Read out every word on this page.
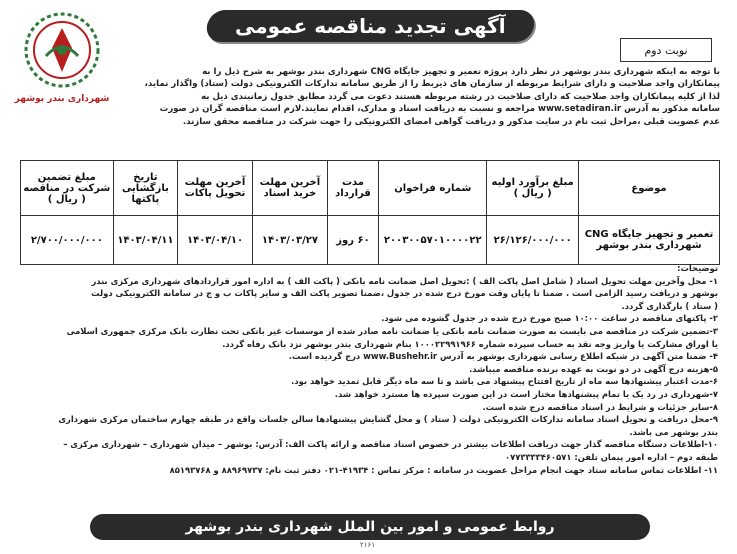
شهرداری بندر بوشهر
آگهی تجدید مناقصه عمومی
نوبت دوم

با توجه به اینکه شهرداری بندر بوشهر در نظر دارد پروژه تعمیر و تجهیز جایگاه CNG شهرداری بندر بوشهر به شرح ذیل را به

پیمانکاران واجد صلاحیت و دارای شرایط مربوطه از سازمان های ذیربط را از طریق سامانه تدارکات الکترونیکی دولت (ستاد) واگذار نماید،

لذا از کلیه پیمانکاران واجد صلاحیت که دارای صلاحیت در رشته مربوطه هستند دعوت می گردد مطابق جدول زمانبندی ذیل به

سامانه مذکور به آدرس www.setadiran.ir مراجعه و نسبت به دریافت اسناد و مدارک، اقدام نمایند.لازم است مناقصه گران در صورت

عدم عضویت قبلی ،مراحل ثبت نام در سایت مذکور و دریافت گواهی امضای الکترونیکی را جهت شرکت در مناقصه محقق سازند.

موضوع	مبلغ برآورد اولیه ( ریال )	شماره فراخوان	مدت قرارداد	آخرین مهلت خرید اسناد	آخرین مهلت تحویل پاکات	تاریخ بازگشایی پاکتها	مبلغ تضمین شرکت در مناقصه ( ریال )
تعمیر و تجهیز جایگاه CNG شهرداری بندر بوشهر	۲۶/۱۲۶/۰۰۰/۰۰۰	۲۰۰۳۰۰۵۷۰۱۰۰۰۰۲۲	۶۰ روز	۱۴۰۳/۰۳/۲۷	۱۴۰۳/۰۴/۱۰	۱۴۰۳/۰۴/۱۱	۲/۷۰۰/۰۰۰/۰۰۰
توضیحات:
۱- محل وآخرین مهلت تحویل اسناد ( شامل اصل پاکت الف ) :تحویل اصل ضمانت نامه بانکی ( پاکت الف ) به اداره امور قراردادهای شهرداری مرکزی بندر
بوشهر و دریافت رسید الزامی است . ضمنا تا پایان وقت مورخ درج شده در جدول ،ضمنا تصویر پاکت الف و سایر پاکات ب و ج در سامانه الکترونیکی دولت
( ستاد ) بارگذاری گردد.
۲- پاکتهای مناقصه در ساعت ۱۰:۰۰ صبح مورخ درج شده در جدول گشوده می شود.
۳-تضمین شرکت در مناقصه می بایست به صورت ضمانت نامه بانکی یا ضمانت نامه صادر شده از موسسات غیر بانکی تحت نظارت بانک مرکزی جمهوری اسلامی
یا اوراق مشارکت یا واریز وجه نقد به حساب سپرده شماره ۱۰۰۰۲۲۹۹۱۹۶۶ بنام شهرداری بندر بوشهر نزد بانک رفاه گردد.
۴- ضمنا متن آگهی در شبکه اطلاع رسانی شهرداری بوشهر به آدرس www.Bushehr.ir درج گردیده است.
۵-هزینه درج آگهی در دو نوبت به عهده برنده مناقصه میباشد.
۶-مدت اعتبار پیشنهادها سه ماه از تاریخ افتتاح پیشنهاد می باشد و تا سه ماه دیگر قابل تمدید خواهد بود.
۷-شهرداری در رد یک یا تمام پیشنهادها مختار است در این صورت سپرده ها مسترد خواهد شد.
۸-سایر جزئیات و شرایط در اسناد مناقصه درج شده است.
۹-محل دریافت و تحویل اسناد سامانه تدارکات الکترونیکی دولت ( ستاد ) و محل گشایش پیشنهادها سالن جلسات واقع در طبقه چهارم ساختمان مرکزی شهرداری
بندر بوشهر می باشد.
۱۰-اطلاعات دستگاه مناقصه گذار جهت دریافت اطلاعات بیشتر در خصوص اسناد مناقصه و ارائه پاکت الف: آدرس: بوشهر – میدان شهرداری – شهرداری مرکزی –
طبقه دوم – اداره امور پیمان تلفن: ۰۷۷۳۳۳۳۴۶۰۵۷۱
۱۱- اطلاعات تماس سامانه ستاد جهت انجام مراحل عضویت در سامانه : مرکز تماس : ۴۱۹۳۴-۰۲۱ دفتر ثبت نام: ۸۸۹۶۹۷۳۷ و ۸۵۱۹۳۷۶۸
روابط عمومی و امور بین الملل شهرداری بندر بوشهر
۲۱۶۱
